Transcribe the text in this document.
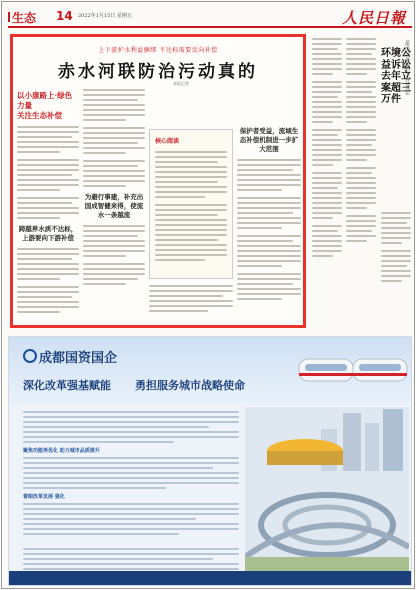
生态 14 2022年1月15日 星期五	人民日報
上下游护水利益捆绑 不达标需要反向补偿
赤水河联防治污动真的
以小康路上·绿色力量
关注生态补偿
跨越界水质不达标，上游要向下游补偿
为避行事建，补充出国成智健来得，使流水一条越流
本报记者
核心阅读
保护者受益，流域生态补偿机制进一步扩大范围
最高检发布去年公益诉讼
环境公益诉讼去年立案超三万件
成都国资国企
深化改革强基赋能 勇担服务城市战略使命
聚焦功能再优化 助力城市品质提升
着眼改革发展 强化
